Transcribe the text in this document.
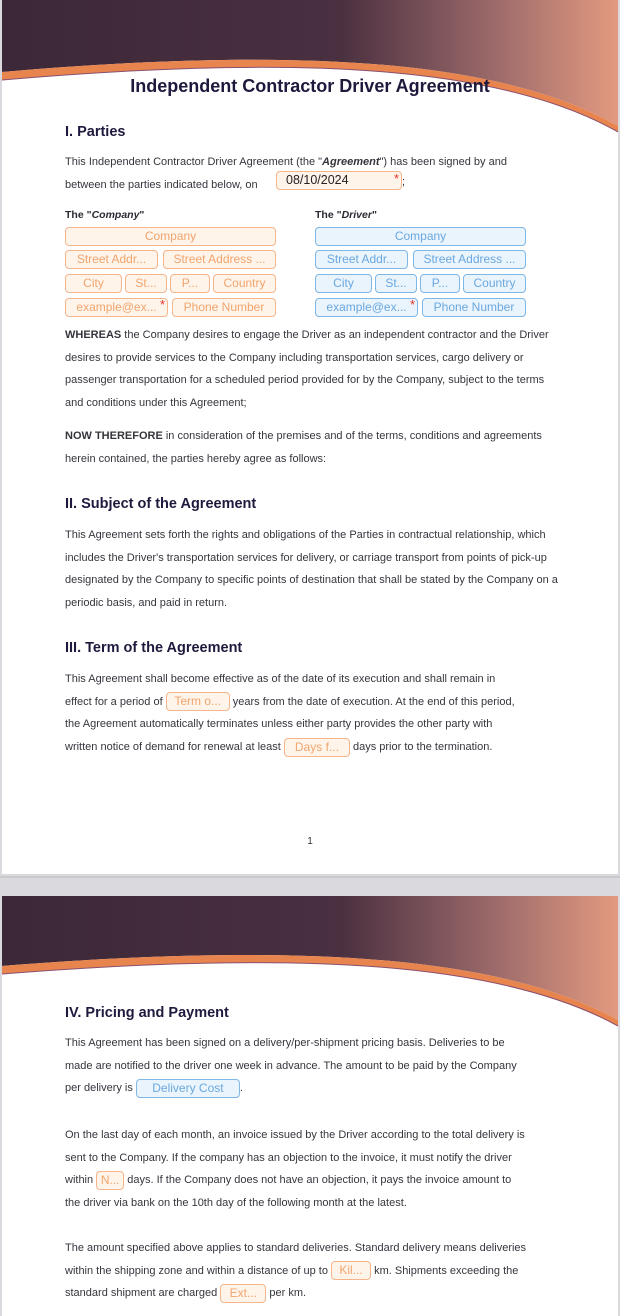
Independent Contractor Driver Agreement
I. Parties
This Independent Contractor Driver Agreement (the "Agreement") has been signed by and
between the parties indicated below, on	08/10/2024	* ;
The "Company"
Company
Street Addr...	Street Address ...
City	St...	P...	Country
example@ex... *	Phone Number
The "Driver"
Company
Street Addr...	Street Address ...
City	St...	P...	Country
example@ex... *	Phone Number
WHEREAS the Company desires to engage the Driver as an independent contractor and the Driver desires to provide services to the Company including transportation services, cargo delivery or passenger transportation for a scheduled period provided for by the Company, subject to the terms and conditions under this Agreement;
NOW THEREFORE in consideration of the premises and of the terms, conditions and agreements herein contained, the parties hereby agree as follows:
II. Subject of the Agreement
This Agreement sets forth the rights and obligations of the Parties in contractual relationship, which includes the Driver's transportation services for delivery, or carriage transport from points of pick-up designated by the Company to specific points of destination that shall be stated by the Company on a periodic basis, and paid in return.
III. Term of the Agreement
This Agreement shall become effective as of the date of its execution and shall remain in
effect for a period of Term o... years from the date of execution. At the end of this period,
the Agreement automatically terminates unless either party provides the other party with
written notice of demand for renewal at least Days f... days prior to the termination.
1
IV. Pricing and Payment
This Agreement has been signed on a delivery/per-shipment pricing basis. Deliveries to be
made are notified to the driver one week in advance. The amount to be paid by the Company
per delivery is Delivery Cost .
On the last day of each month, an invoice issued by the Driver according to the total delivery is
sent to the Company. If the company has an objection to the invoice, it must notify the driver
within N... days. If the Company does not have an objection, it pays the invoice amount to
the driver via bank on the 10th day of the following month at the latest.
The amount specified above applies to standard deliveries. Standard delivery means deliveries
within the shipping zone and within a distance of up to Kil... km. Shipments exceeding the
standard shipment are charged Ext... per km.
